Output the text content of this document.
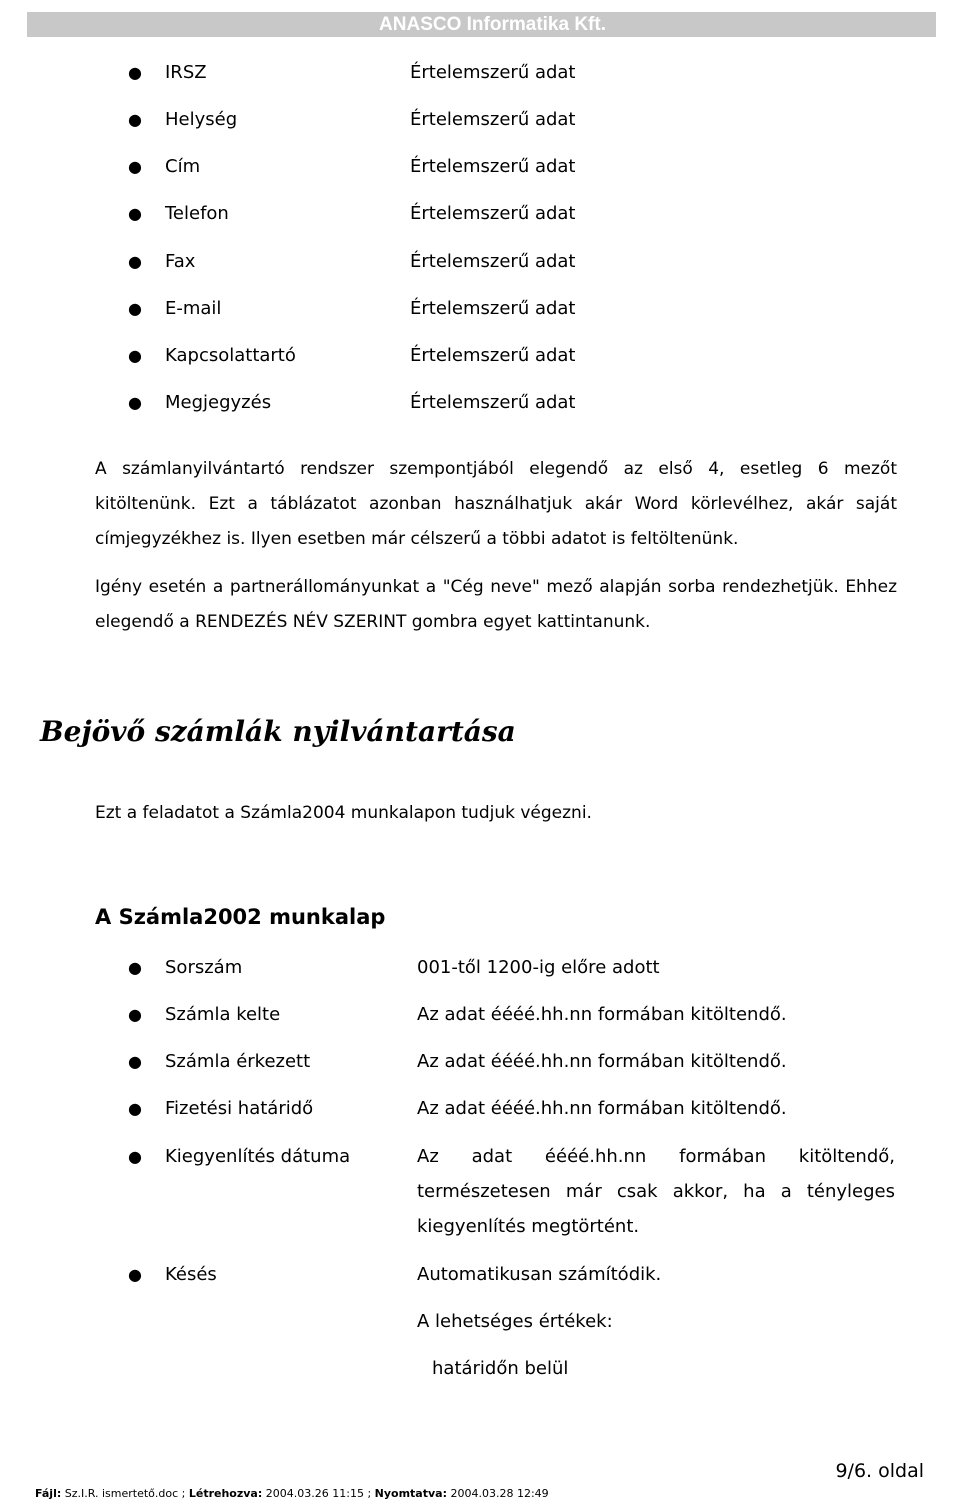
ANASCO Informatika Kft.
● IRSZ	Értelemszerű adat
● Helység	Értelemszerű adat
● Cím	Értelemszerű adat
● Telefon	Értelemszerű adat
● Fax	Értelemszerű adat
● E-mail	Értelemszerű adat
● Kapcsolattartó	Értelemszerű adat
● Megjegyzés	Értelemszerű adat
A számlanyilvántartó rendszer szempontjából elegendő az első 4, esetleg 6 mezőt kitöltenünk. Ezt a táblázatot azonban használhatjuk akár Word körlevélhez, akár saját címjegyzékhez is. Ilyen esetben már célszerű a többi adatot is feltöltenünk.
Igény esetén a partnerállományunkat a "Cég neve" mező alapján sorba rendezhetjük. Ehhez elegendő a RENDEZÉS NÉV SZERINT gombra egyet kattintanunk.
Bejövő számlák nyilvántartása
Ezt a feladatot a Számla2004 munkalapon tudjuk végezni.
A Számla2002 munkalap
● Sorszám	001-től 1200-ig előre adott
● Számla kelte	Az adat éééé.hh.nn formában kitöltendő.
● Számla érkezett	Az adat éééé.hh.nn formában kitöltendő.
● Fizetési határidő	Az adat éééé.hh.nn formában kitöltendő.
● Kiegyenlítés dátuma	Az adat éééé.hh.nn formában kitöltendő,
természetesen már csak akkor, ha a tényleges
kiegyenlítés megtörtént.
● Késés	Automatikusan számítódik.
A lehetséges értékek:
határidőn belül
9/6. oldal
Fájl: Sz.I.R. ismertető.doc ; Létrehozva: 2004.03.26 11:15 ; Nyomtatva: 2004.03.28 12:49
